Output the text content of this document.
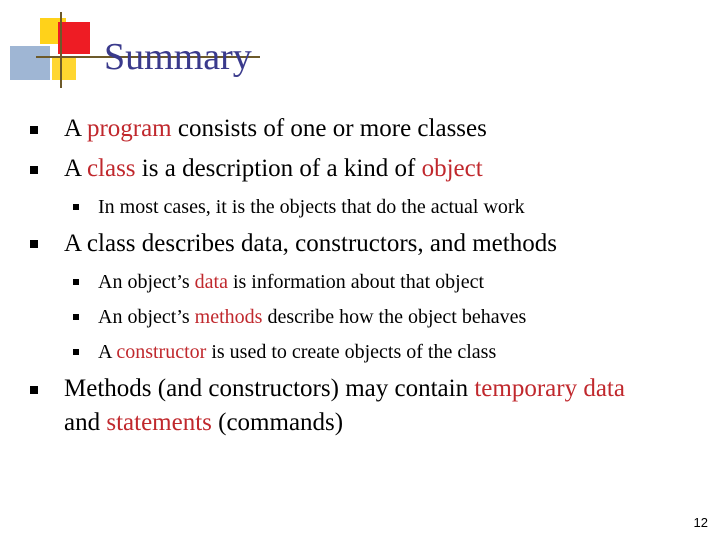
Summary
A program consists of one or more classes
A class is a description of a kind of object
In most cases, it is the objects that do the actual work
A class describes data, constructors, and methods
An object’s data is information about that object
An object’s methods describe how the object behaves
A constructor is used to create objects of the class
Methods (and constructors) may contain temporary data
and statements (commands)
12
